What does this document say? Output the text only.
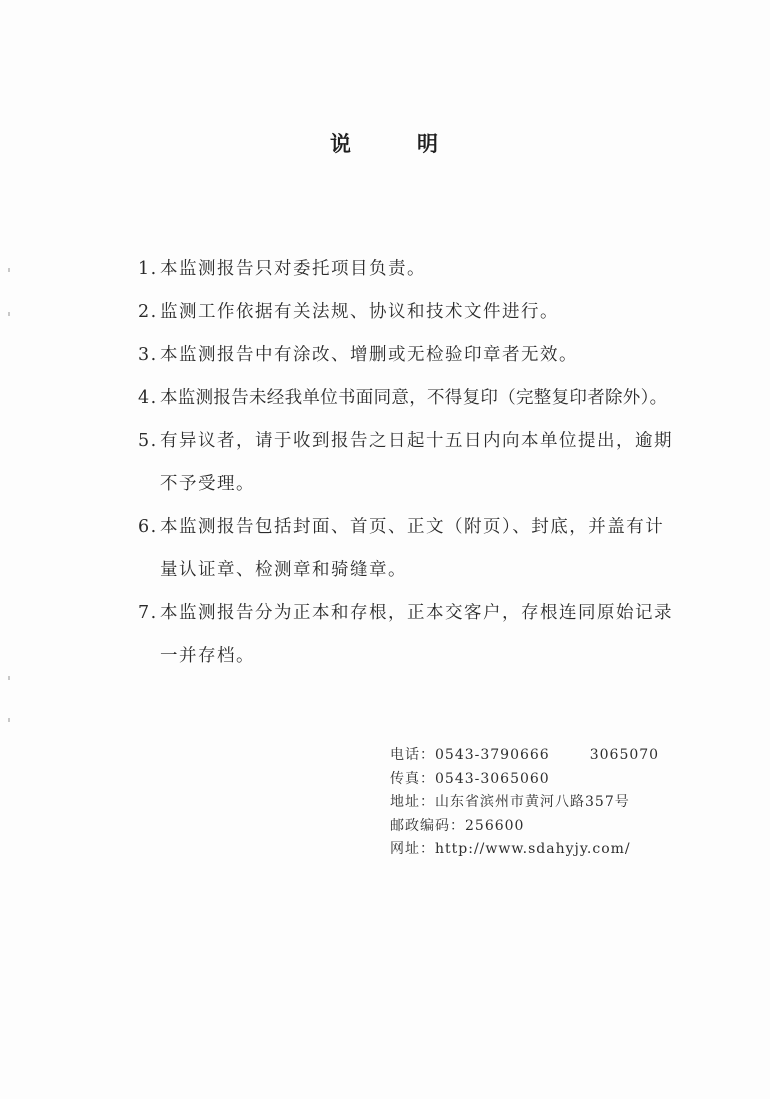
说	明
1. 本监测报告只对委托项目负责。
2. 监测工作依据有关法规、协议和技术文件进行。
3. 本监测报告中有涂改、增删或无检验印章者无效。
4. 本监测报告未经我单位书面同意，不得复印（完整复印者除外）。
5. 有异议者，请于收到报告之日起十五日内向本单位提出，逾期
不予受理。
6. 本监测报告包括封面、首页、正文（附页）、封底，并盖有计
量认证章、检测章和骑缝章。
7. 本监测报告分为正本和存根，正本交客户，存根连同原始记录
一并存档。
电话：0543-3790666	3065070
传真：0543-3065060
地址：山东省滨州市黄河八路357号
邮政编码：256600
网址：http://www.sdahyjy.com/
